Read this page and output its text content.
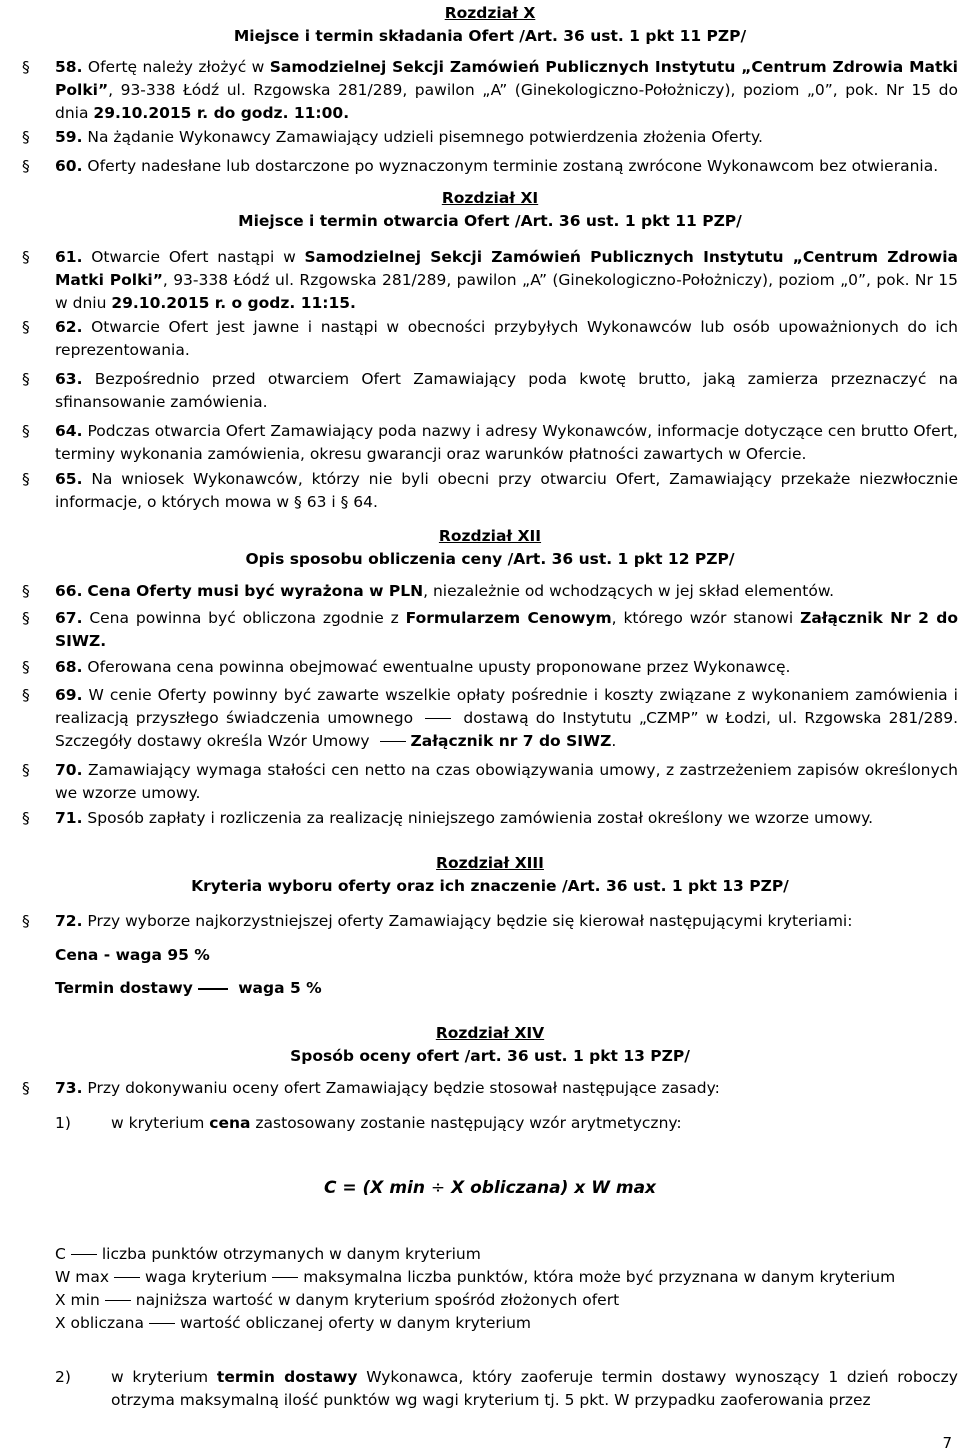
Rozdział X
Miejsce i termin składania Ofert /Art. 36 ust. 1 pkt 11 PZP/
§	58. Ofertę należy złożyć w Samodzielnej Sekcji Zamówień Publicznych Instytutu „Centrum Zdrowia Matki Polki”, 93-338 Łódź ul. Rzgowska 281/289, pawilon „A” (Ginekologiczno-Położniczy), poziom „0”, pok. Nr 15 do dnia 29.10.2015 r. do godz. 11:00.
§	59. Na żądanie Wykonawcy Zamawiający udzieli pisemnego potwierdzenia złożenia Oferty.
§	60. Oferty nadesłane lub dostarczone po wyznaczonym terminie zostaną zwrócone Wykonawcom bez otwierania.
Rozdział XI
Miejsce i termin otwarcia Ofert /Art. 36 ust. 1 pkt 11 PZP/
§	61. Otwarcie Ofert nastąpi w Samodzielnej Sekcji Zamówień Publicznych Instytutu „Centrum Zdrowia Matki Polki”, 93-338 Łódź ul. Rzgowska 281/289, pawilon „A” (Ginekologiczno-Położniczy), poziom „0”, pok. Nr 15 w dniu 29.10.2015 r. o godz. 11:15.
§	62. Otwarcie Ofert jest jawne i nastąpi w obecności przybyłych Wykonawców lub osób upoważnionych do ich reprezentowania.
§	63. Bezpośrednio przed otwarciem Ofert Zamawiający poda kwotę brutto, jaką zamierza przeznaczyć na sfinansowanie zamówienia.
§	64. Podczas otwarcia Ofert Zamawiający poda nazwy i adresy Wykonawców, informacje dotyczące cen brutto Ofert, terminy wykonania zamówienia, okresu gwarancji oraz warunków płatności zawartych w Ofercie.
§	65. Na wniosek Wykonawców, którzy nie byli obecni przy otwarciu Ofert, Zamawiający przekaże niezwłocznie informacje, o których mowa w § 63 i § 64.
Rozdział XII
Opis sposobu obliczenia ceny /Art. 36 ust. 1 pkt 12 PZP/
§	66. Cena Oferty musi być wyrażona w PLN, niezależnie od wchodzących w jej skład elementów.
§	67. Cena powinna być obliczona zgodnie z Formularzem Cenowym, którego wzór stanowi Załącznik Nr 2 do SIWZ.
§	68. Oferowana cena powinna obejmować ewentualne upusty proponowane przez Wykonawcę.
§	69. W cenie Oferty powinny być zawarte wszelkie opłaty pośrednie i koszty związane z wykonaniem zamówienia i realizacją przyszłego świadczenia umownego  dostawą do Instytutu „CZMP” w Łodzi, ul. Rzgowska 281/289. Szczegóły dostawy określa Wzór Umowy Załącznik nr 7 do SIWZ.
§	70. Zamawiający wymaga stałości cen netto na czas obowiązywania umowy, z zastrzeżeniem zapisów określonych we wzorze umowy.
§	71. Sposób zapłaty i rozliczenia za realizację niniejszego zamówienia został określony we wzorze umowy.
Rozdział XIII
Kryteria wyboru oferty oraz ich znaczenie /Art. 36 ust. 1 pkt 13 PZP/
§	72. Przy wyborze najkorzystniejszej oferty Zamawiający będzie się kierował następującymi kryteriami:
Cena - waga 95 %
Termin dostawy	waga 5 %
Rozdział XIV
Sposób oceny ofert /art. 36 ust. 1 pkt 13 PZP/
§	73. Przy dokonywaniu oceny ofert Zamawiający będzie stosował następujące zasady:
1)	w kryterium cena zastosowany zostanie następujący wzór arytmetyczny:
C = (X min ÷ X obliczana) x W max
C liczba punktów otrzymanych w danym kryterium
W max waga kryterium maksymalna liczba punktów, która może być przyznana w danym kryterium
X min najniższa wartość w danym kryterium spośród złożonych ofert
X obliczana wartość obliczanej oferty w danym kryterium
2)	w kryterium termin dostawy Wykonawca, który zaoferuje termin dostawy wynoszący 1 dzień roboczy otrzyma maksymalną ilość punktów wg wagi kryterium tj. 5 pkt. W przypadku zaoferowania przez
7
